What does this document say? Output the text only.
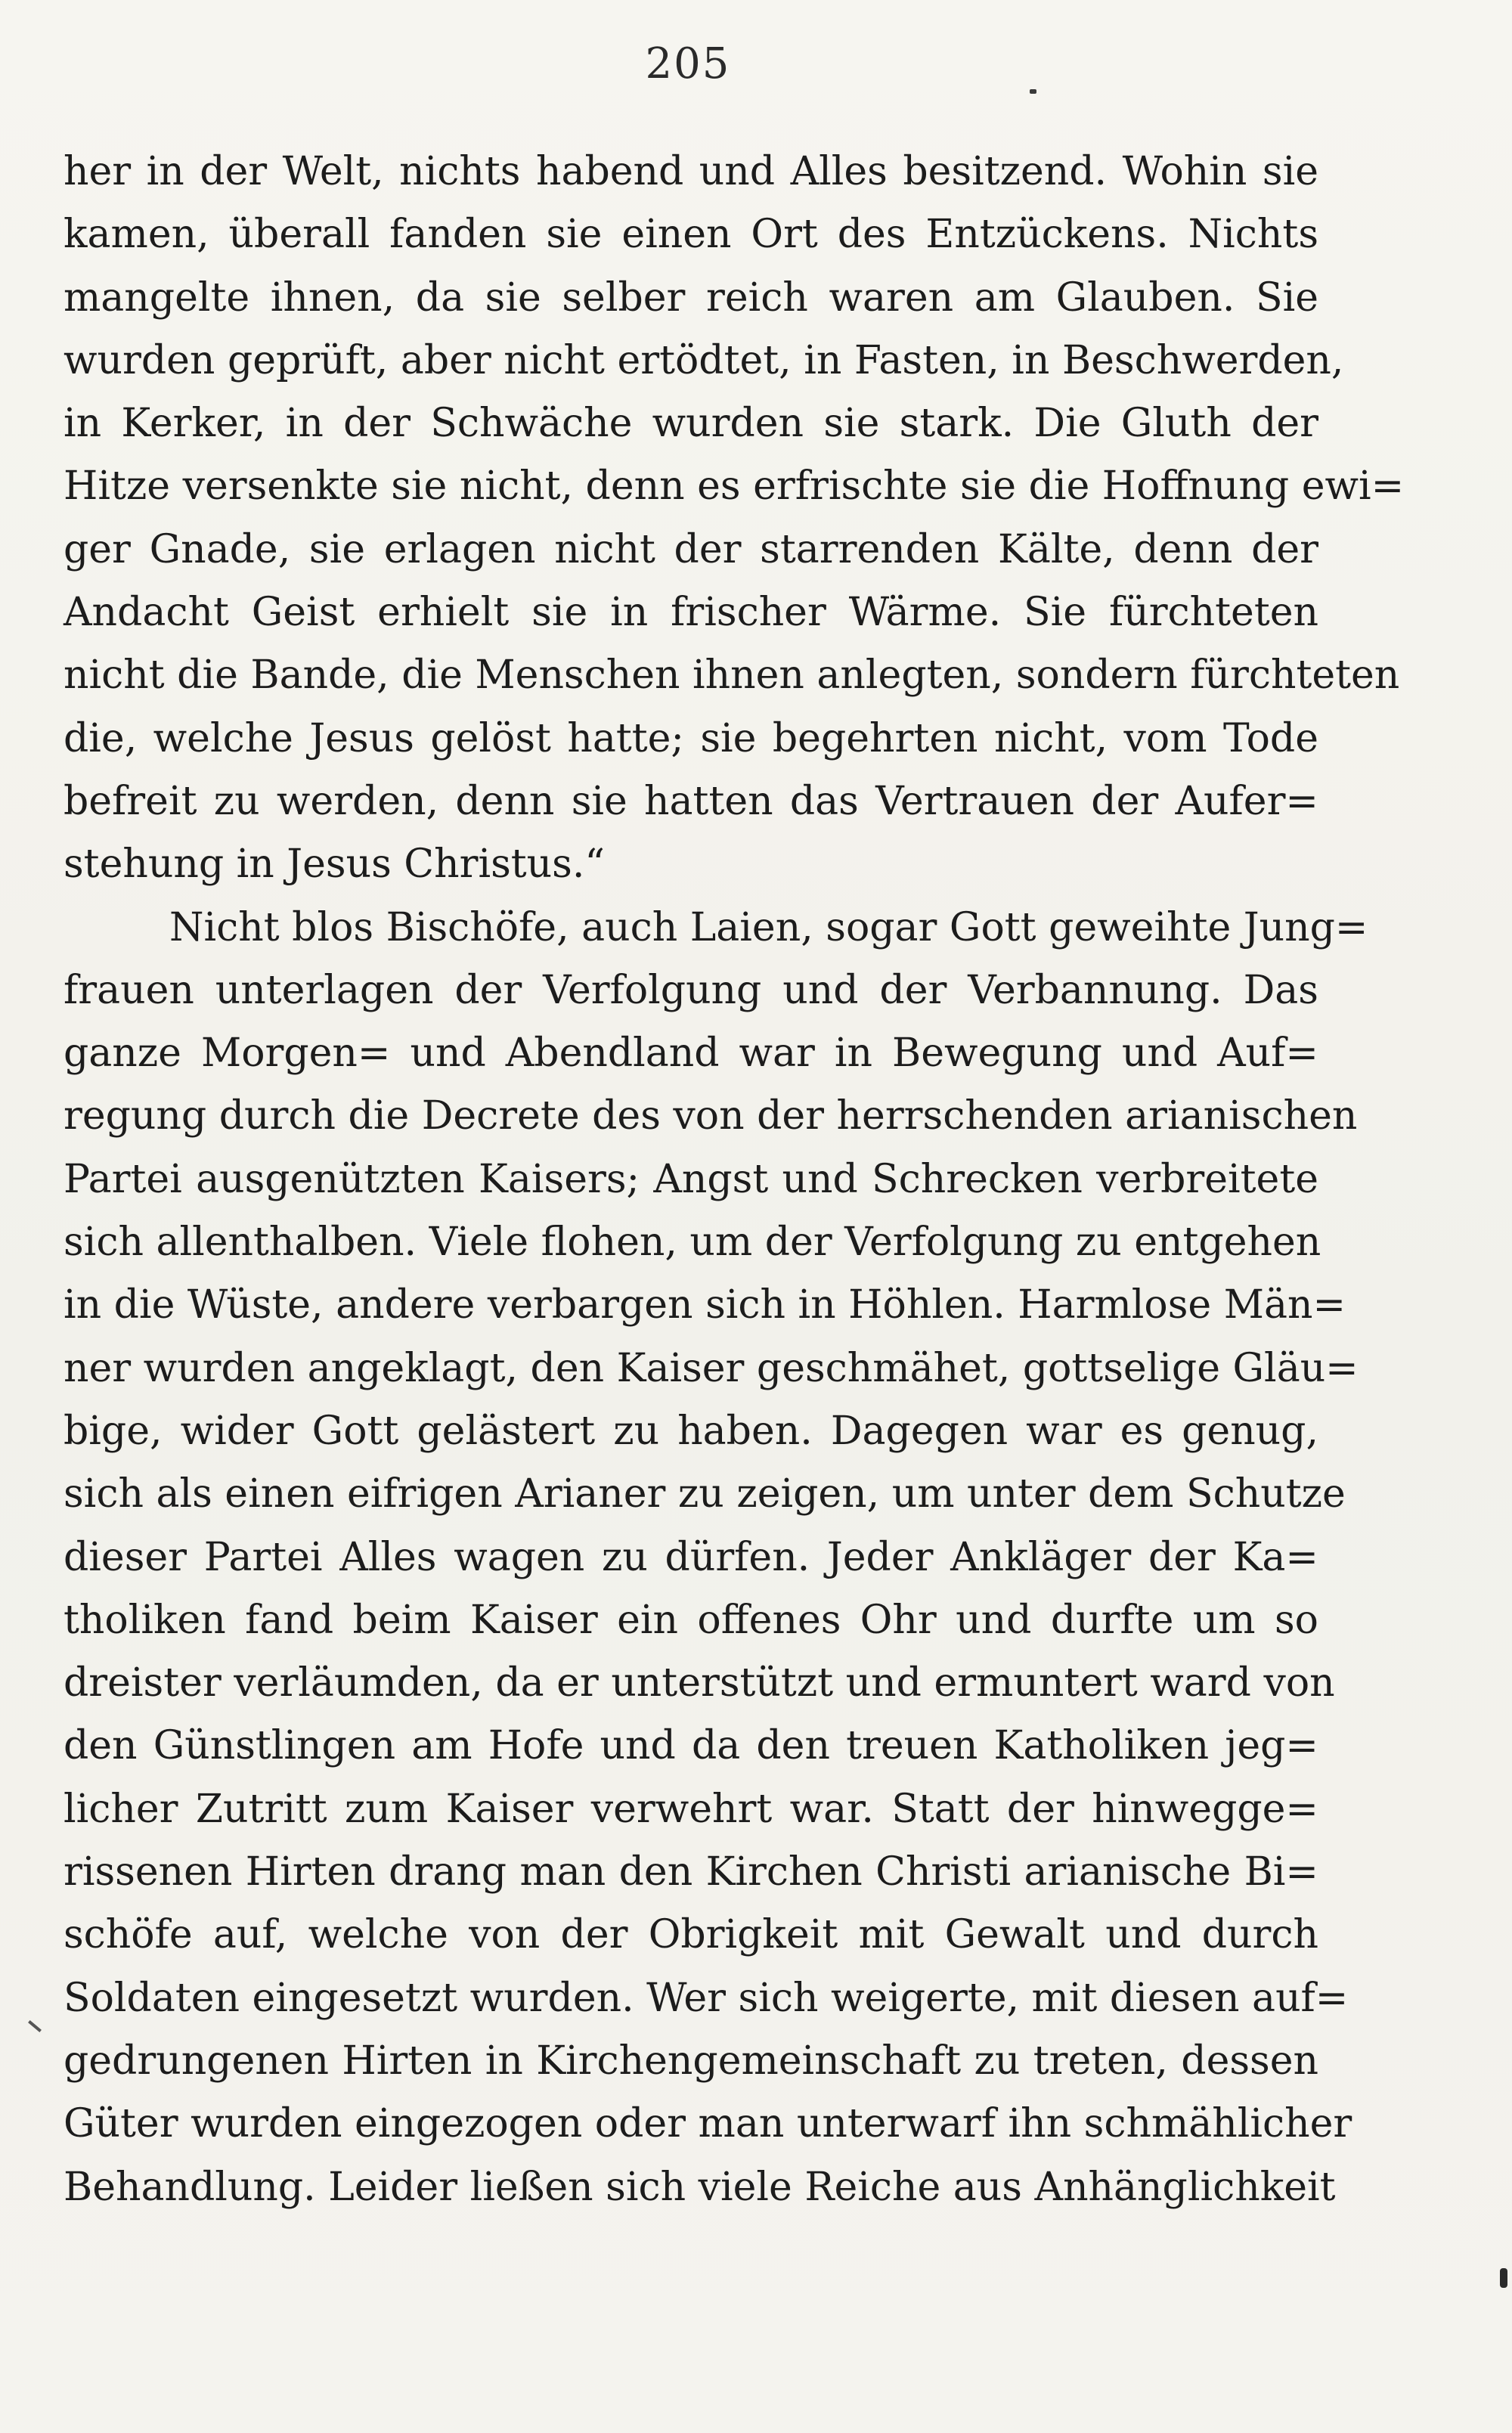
205
her in der Welt, nichts habend und Alles besitzend. Wohin sie
kamen, überall fanden sie einen Ort des Entzückens. Nichts
mangelte ihnen, da sie selber reich waren am Glauben. Sie
wurden geprüft, aber nicht ertödtet, in Fasten, in Beschwerden,
in Kerker, in der Schwäche wurden sie stark. Die Gluth der
Hitze versenkte sie nicht, denn es erfrischte sie die Hoffnung ewi=
ger Gnade, sie erlagen nicht der starrenden Kälte, denn der
Andacht Geist erhielt sie in frischer Wärme. Sie fürchteten
nicht die Bande, die Menschen ihnen anlegten, sondern fürchteten
die, welche Jesus gelöst hatte; sie begehrten nicht, vom Tode
befreit zu werden, denn sie hatten das Vertrauen der Aufer=
stehung in Jesus Christus.“
Nicht blos Bischöfe, auch Laien, sogar Gott geweihte Jung=
frauen unterlagen der Verfolgung und der Verbannung. Das
ganze Morgen= und Abendland war in Bewegung und Auf=
regung durch die Decrete des von der herrschenden arianischen
Partei ausgenützten Kaisers; Angst und Schrecken verbreitete
sich allenthalben. Viele flohen, um der Verfolgung zu entgehen
in die Wüste, andere verbargen sich in Höhlen. Harmlose Män=
ner wurden angeklagt, den Kaiser geschmähet, gottselige Gläu=
bige, wider Gott gelästert zu haben. Dagegen war es genug,
sich als einen eifrigen Arianer zu zeigen, um unter dem Schutze
dieser Partei Alles wagen zu dürfen. Jeder Ankläger der Ka=
tholiken fand beim Kaiser ein offenes Ohr und durfte um so
dreister verläumden, da er unterstützt und ermuntert ward von
den Günstlingen am Hofe und da den treuen Katholiken jeg=
licher Zutritt zum Kaiser verwehrt war. Statt der hinwegge=
rissenen Hirten drang man den Kirchen Christi arianische Bi=
schöfe auf, welche von der Obrigkeit mit Gewalt und durch
Soldaten eingesetzt wurden. Wer sich weigerte, mit diesen auf=
gedrungenen Hirten in Kirchengemeinschaft zu treten, dessen
Güter wurden eingezogen oder man unterwarf ihn schmählicher
Behandlung. Leider ließen sich viele Reiche aus Anhänglichkeit
